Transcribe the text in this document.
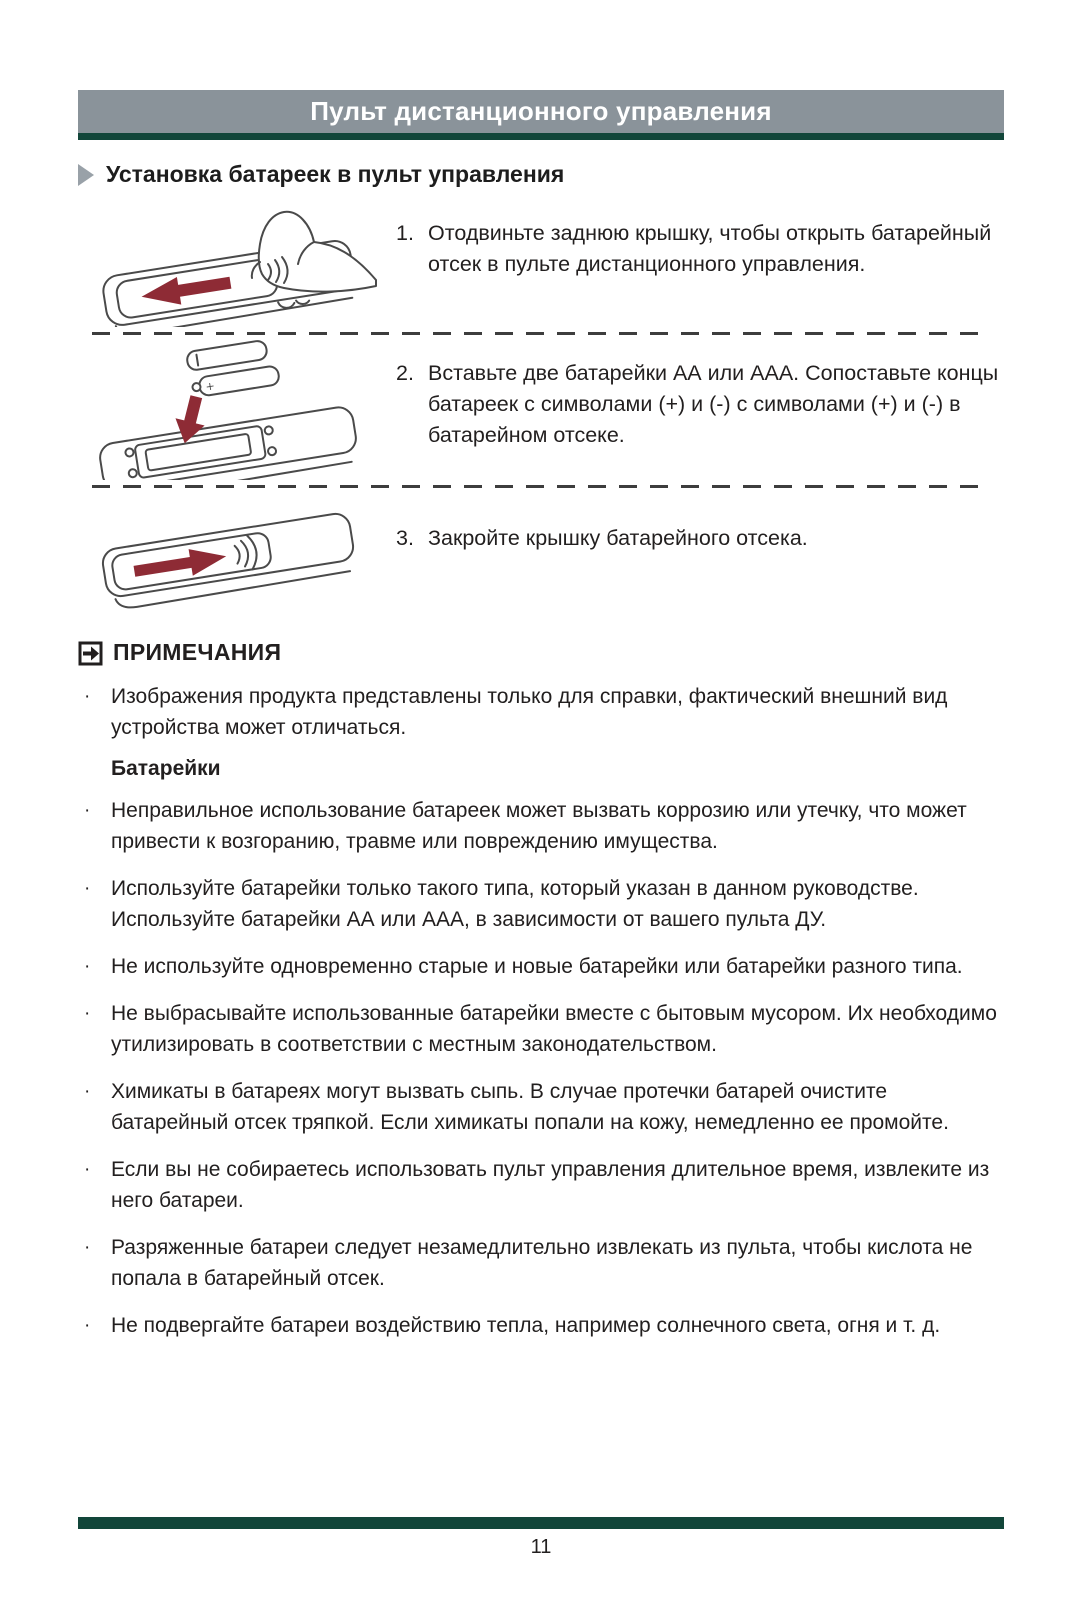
Пульт дистанционного управления
Установка батареек в пульт управления
1. Отодвиньте заднюю крышку, чтобы открыть батарейный отсек в пульте дистанционного управления.
+
2. Вставьте две батарейки АА или ААА. Сопоставьте концы батареек с символами (+) и (-) с символами (+) и (-) в батарейном отсеке.
3. Закройте крышку батарейного отсека.
ПРИМЕЧАНИЯ
· Изображения продукта представлены только для справки, фактический внешний вид устройства может отличаться.
Батарейки
· Неправильное использование батареек может вызвать коррозию или утечку, что может привести к возгоранию, травме или повреждению имущества.
· Используйте батарейки только такого типа, который указан в данном руководстве. Используйте батарейки АА или ААА, в зависимости от вашего пульта ДУ.
· Не используйте одновременно старые и новые батарейки или батарейки разного типа.
· Не выбрасывайте использованные батарейки вместе с бытовым мусором. Их необходимо утилизировать в соответствии с местным законодательством.
· Химикаты в батареях могут вызвать сыпь. В случае протечки батарей очистите батарейный отсек тряпкой. Если химикаты попали на кожу, немедленно ее промойте.
· Если вы не собираетесь использовать пульт управления длительное время, извлеките из него батареи.
· Разряженные батареи следует незамедлительно извлекать из пульта, чтобы кислота не попала в батарейный отсек.
· Не подвергайте батареи воздействию тепла, например солнечного света, огня и т. д.
11
